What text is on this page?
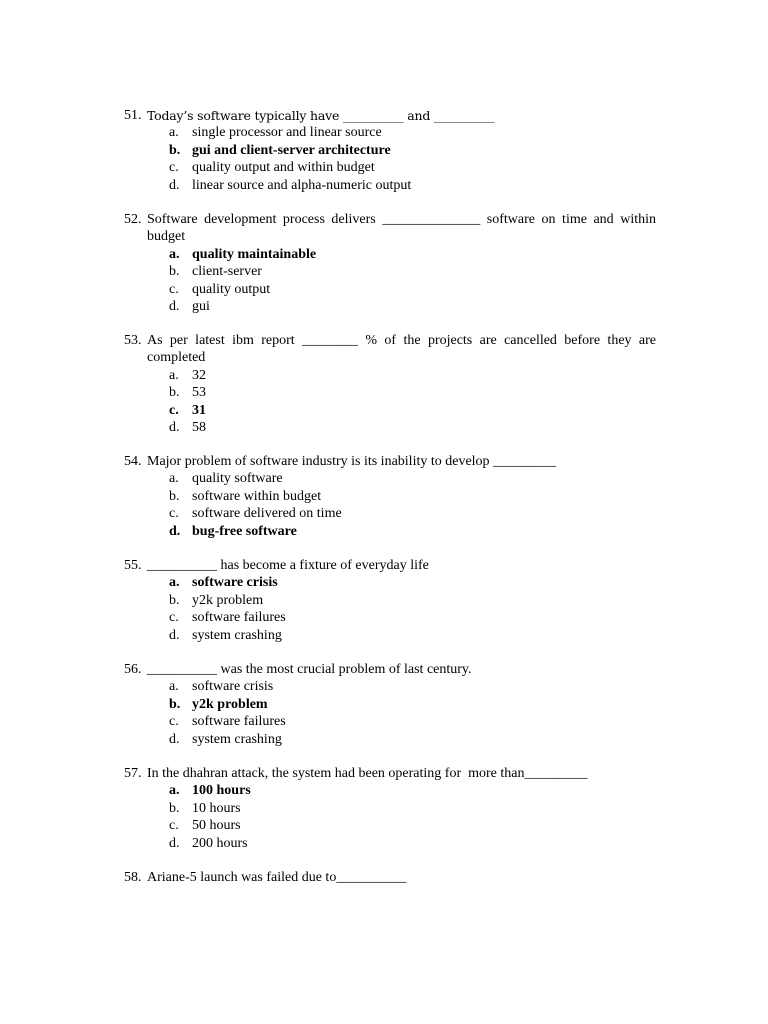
51. Today’s software typically have __________ and __________
a. single processor and linear source
b. gui and client-server architecture
c. quality output and within budget
d. linear source and alpha-numeric output
52. Software development process delivers ______________ software on time and within budget
a. quality maintainable
b. client-server
c. quality output
d. gui
53. As per latest ibm report ________ % of the projects are cancelled before they are completed
a. 32
b. 53
c. 31
d. 58
54. Major problem of software industry is its inability to develop _________
a. quality software
b. software within budget
c. software delivered on time
d. bug-free software
55. __________ has become a fixture of everyday life
a. software crisis
b. y2k problem
c. software failures
d. system crashing
56. __________ was the most crucial problem of last century.
a. software crisis
b. y2k problem
c. software failures
d. system crashing
57. In the dhahran attack, the system had been operating for  more than_________
a. 100 hours
b. 10 hours
c. 50 hours
d. 200 hours
58. Ariane-5 launch was failed due to__________
